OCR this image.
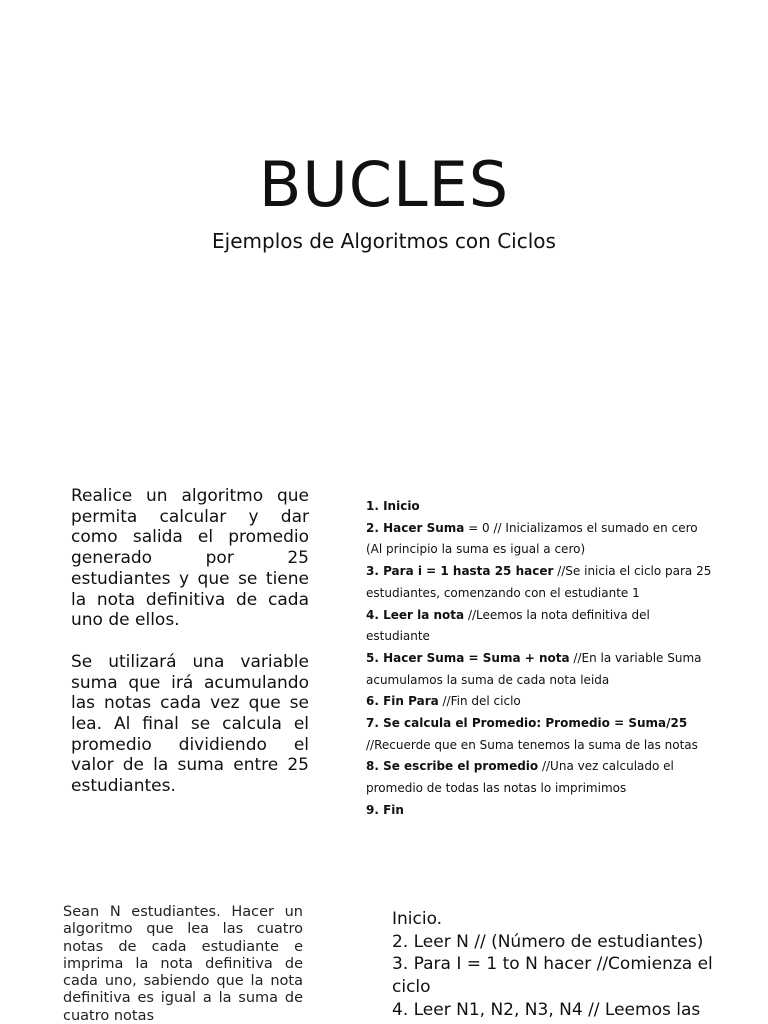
BUCLES
Ejemplos de Algoritmos con Ciclos

Realice un algoritmo que permita calcular y dar como salida el promedio generado por 25 estudiantes y que se tiene la nota definitiva de cada uno de ellos.

Se utilizará una variable suma que irá acumulando las notas cada vez que se lea. Al final se calcula el promedio dividiendo el valor de la suma entre 25 estudiantes.

1. Inicio
2. Hacer Suma = 0 // Inicializamos el sumado en cero (Al principio la suma es igual a cero)
3. Para i = 1 hasta 25 hacer //Se inicia el ciclo para 25 estudiantes, comenzando con el estudiante 1
4. Leer la nota //Leemos la nota definitiva del estudiante
5. Hacer Suma = Suma + nota //En la variable Suma acumulamos la suma de cada nota leida
6. Fin Para //Fin del ciclo
7. Se calcula el Promedio: Promedio = Suma/25 //Recuerde que en Suma tenemos la suma de las notas
8. Se escribe el promedio //Una vez calculado el promedio de todas las notas lo imprimimos
9. Fin
Sean N estudiantes. Hacer un algoritmo que lea las cuatro notas de cada estudiante e imprima la nota definitiva de cada uno, sabiendo que la nota definitiva es igual a la suma de cuatro notas
Inicio.
2. Leer N // (Número de estudiantes)
3. Para I = 1 to N hacer //Comienza el ciclo
4. Leer N1, N2, N3, N4 // Leemos las
